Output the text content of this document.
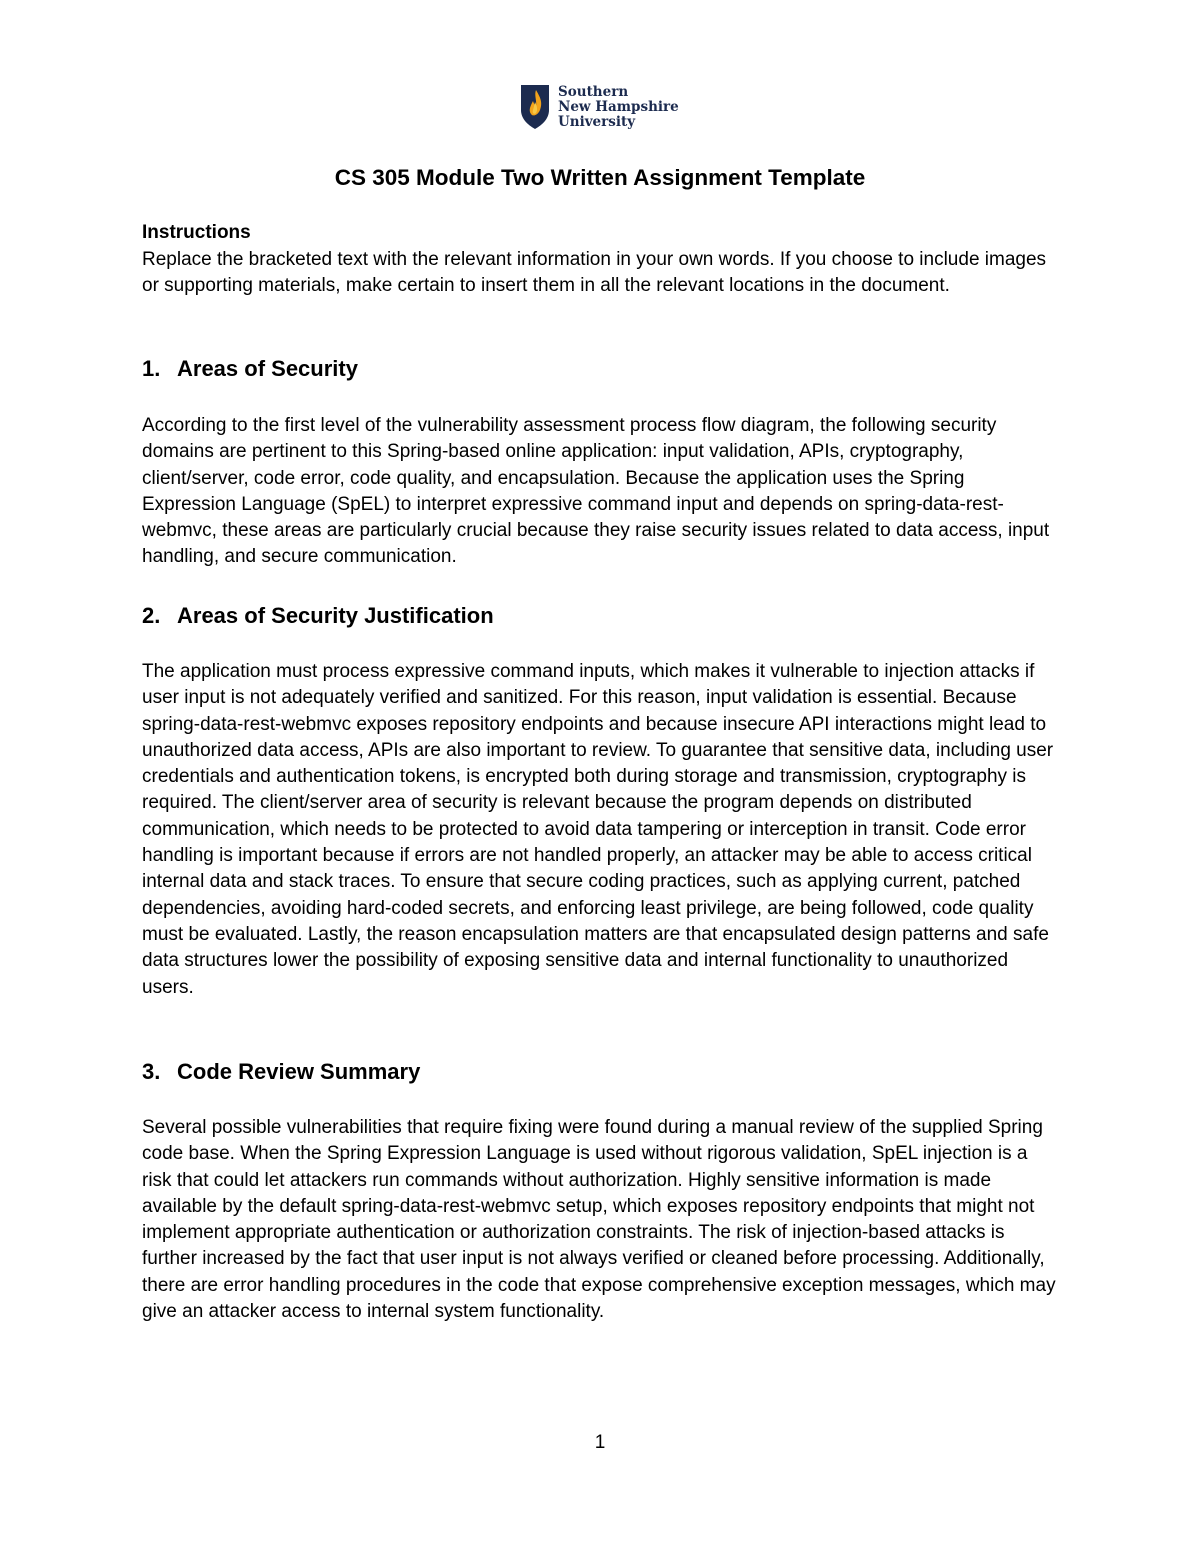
Southern
New Hampshire
University
CS 305 Module Two Written Assignment Template
Instructions

Replace the bracketed text with the relevant information in your own words. If you choose to include images or supporting materials, make certain to insert them in all the relevant locations in the document.

1. Areas of Security

According to the first level of the vulnerability assessment process flow diagram, the following security domains are pertinent to this Spring-based online application: input validation, APIs, cryptography, client/server, code error, code quality, and encapsulation. Because the application uses the Spring Expression Language (SpEL) to interpret expressive command input and depends on spring-data-rest-webmvc, these areas are particularly crucial because they raise security issues related to data access, input handling, and secure communication.

2. Areas of Security Justification

The application must process expressive command inputs, which makes it vulnerable to injection attacks if user input is not adequately verified and sanitized. For this reason, input validation is essential. Because spring-data-rest-webmvc exposes repository endpoints and because insecure API interactions might lead to unauthorized data access, APIs are also important to review. To guarantee that sensitive data, including user credentials and authentication tokens, is encrypted both during storage and transmission, cryptography is required. The client/server area of security is relevant because the program depends on distributed communication, which needs to be protected to avoid data tampering or interception in transit. Code error handling is important because if errors are not handled properly, an attacker may be able to access critical internal data and stack traces. To ensure that secure coding practices, such as applying current, patched dependencies, avoiding hard-coded secrets, and enforcing least privilege, are being followed, code quality must be evaluated. Lastly, the reason encapsulation matters are that encapsulated design patterns and safe data structures lower the possibility of exposing sensitive data and internal functionality to unauthorized users.

3. Code Review Summary

Several possible vulnerabilities that require fixing were found during a manual review of the supplied Spring code base. When the Spring Expression Language is used without rigorous validation, SpEL injection is a risk that could let attackers run commands without authorization. Highly sensitive information is made available by the default spring-data-rest-webmvc setup, which exposes repository endpoints that might not implement appropriate authentication or authorization constraints. The risk of injection-based attacks is further increased by the fact that user input is not always verified or cleaned before processing. Additionally, there are error handling procedures in the code that expose comprehensive exception messages, which may give an attacker access to internal system functionality.

1
